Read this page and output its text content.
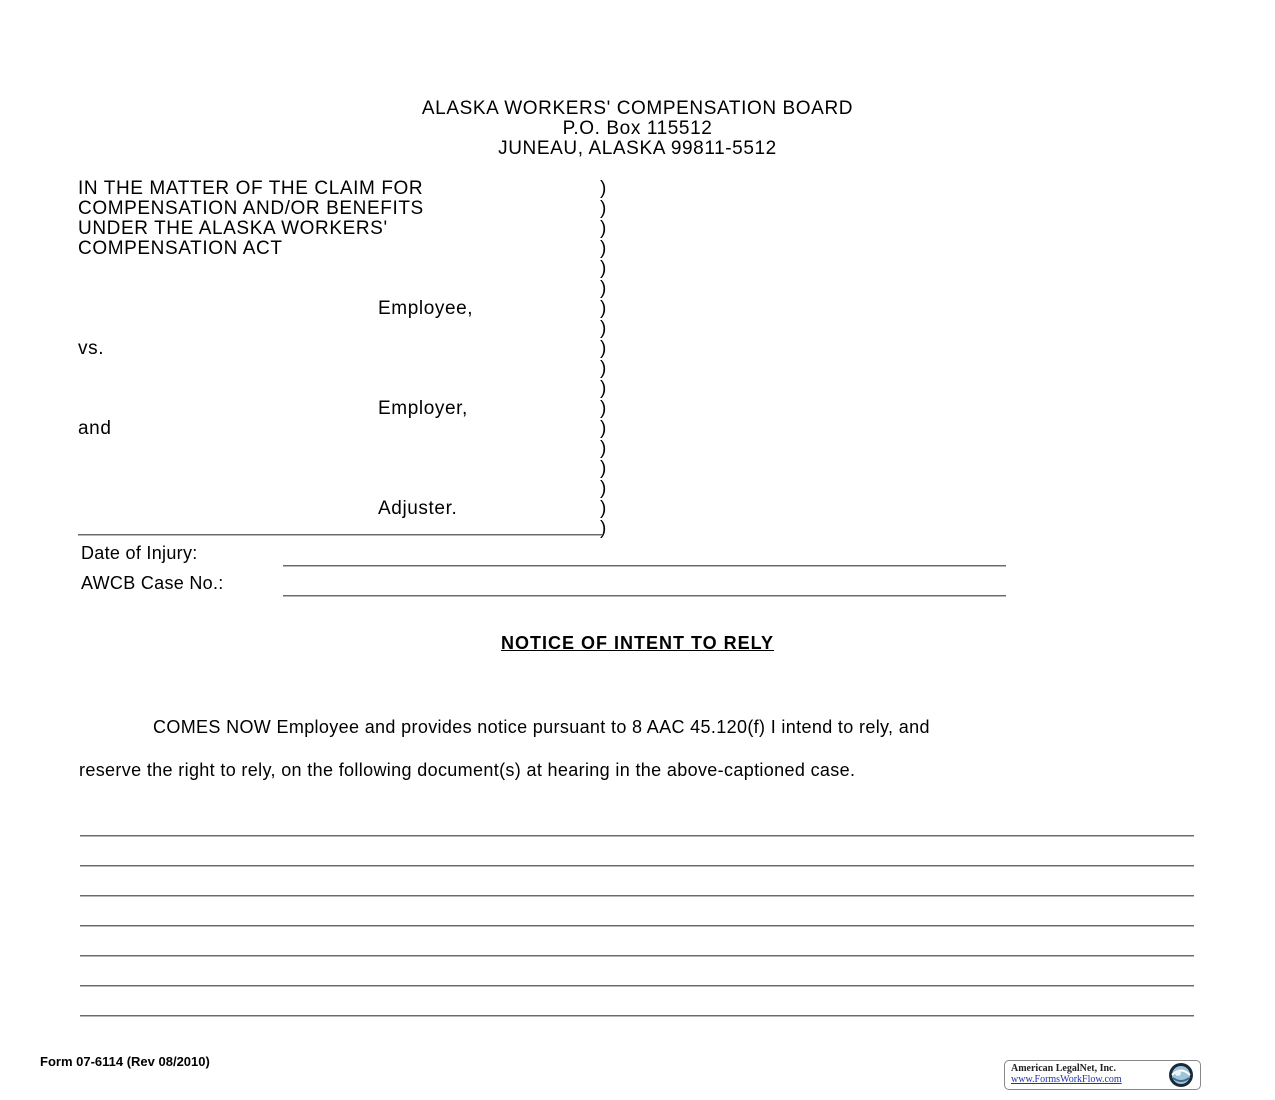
ALASKA WORKERS' COMPENSATION BOARD
P.O. Box 115512
JUNEAU, ALASKA 99811-5512
IN THE MATTER OF THE CLAIM FOR
COMPENSATION AND/OR BENEFITS
UNDER THE ALASKA WORKERS'
COMPENSATION ACT
Employee,
vs.
Employer,
and
Adjuster.
)
)
)
)
)
)
)
)
)
)
)
)
)
)
)
)
)
)
Date of Injury:
AWCB Case No.:
NOTICE OF INTENT TO RELY
COMES NOW Employee and provides notice pursuant to 8 AAC 45.120(f) I intend to rely, and
reserve the right to rely, on the following document(s) at hearing in the above-captioned case.
Form 07-6114 (Rev 08/2010)	American LegalNet, Inc.
www.FormsWorkFlow.com
